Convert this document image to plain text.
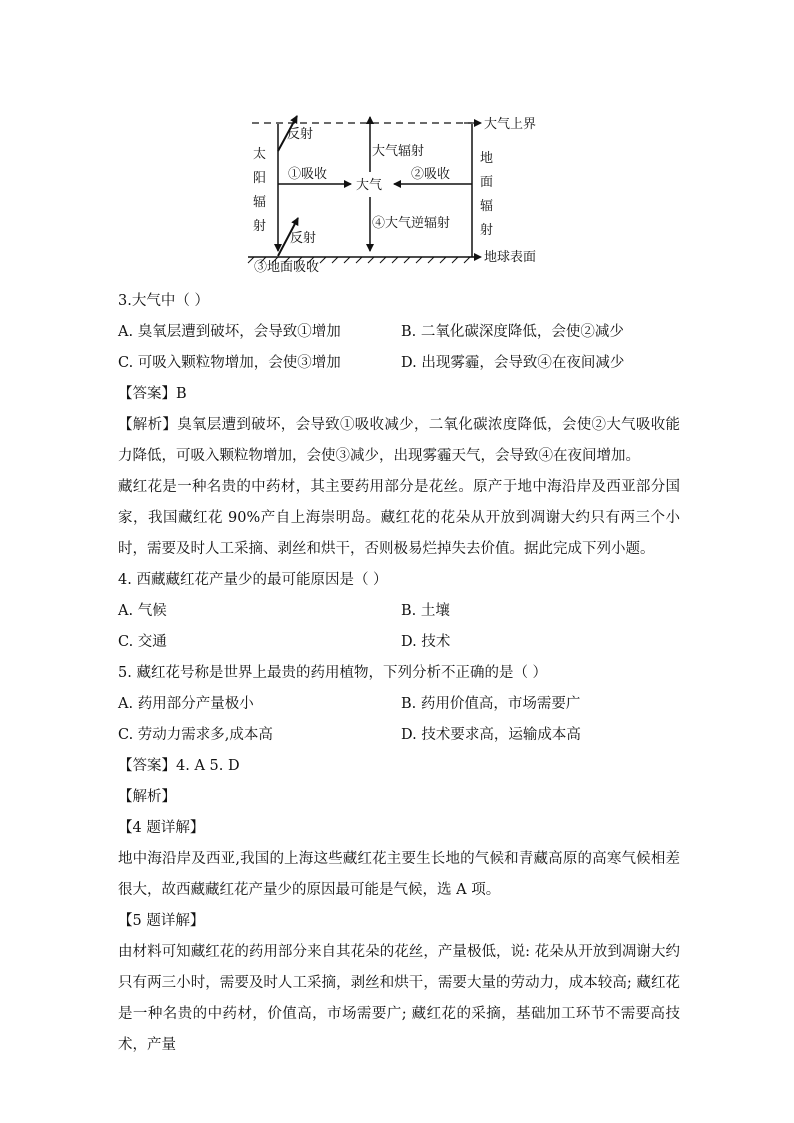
大气上界
地球表面
太
阳
辐
射
反射
反射
①吸收
大气
②吸收
地
面
辐
射
大气辐射
④大气逆辐射
③地面吸收
3.大气中（ ）
A. 臭氧层遭到破坏，会导致①增加	B. 二氧化碳深度降低，会使②减少
C. 可吸入颗粒物增加，会使③增加	D. 出现雾霾，会导致④在夜间减少
【答案】B
【解析】臭氧层遭到破坏，会导致①吸收减少，二氧化碳浓度降低，会使②大气吸收能力降低，可吸入颗粒物增加，会使③减少，出现雾霾天气，会导致④在夜间增加。
藏红花是一种名贵的中药材，其主要药用部分是花丝。原产于地中海沿岸及西亚部分国家，我国藏红花 90%产自上海崇明岛。藏红花的花朵从开放到凋谢大约只有两三个小时，需要及时人工采摘、剥丝和烘干，否则极易烂掉失去价值。据此完成下列小题。
4. 西藏藏红花产量少的最可能原因是（ ）
A. 气候	B. 土壤
C. 交通	D. 技术
5. 藏红花号称是世界上最贵的药用植物，下列分析不正确的是（ ）
A. 药用部分产量极小	B. 药用价值高，市场需要广
C. 劳动力需求多,成本高	D. 技术要求高，运输成本高
【答案】4. A 5. D
【解析】
【4 题详解】
地中海沿岸及西亚,我国的上海这些藏红花主要生长地的气候和青藏高原的高寒气候相差很大，故西藏藏红花产量少的原因最可能是气候，选 A 项。
【5 题详解】
由材料可知藏红花的药用部分来自其花朵的花丝，产量极低，说: 花朵从开放到凋谢大约只有两三小时，需要及时人工采摘，剥丝和烘干，需要大量的劳动力，成本较高; 藏红花是一种名贵的中药材，价值高，市场需要广; 藏红花的采摘，基础加工环节不需要高技术，产量
